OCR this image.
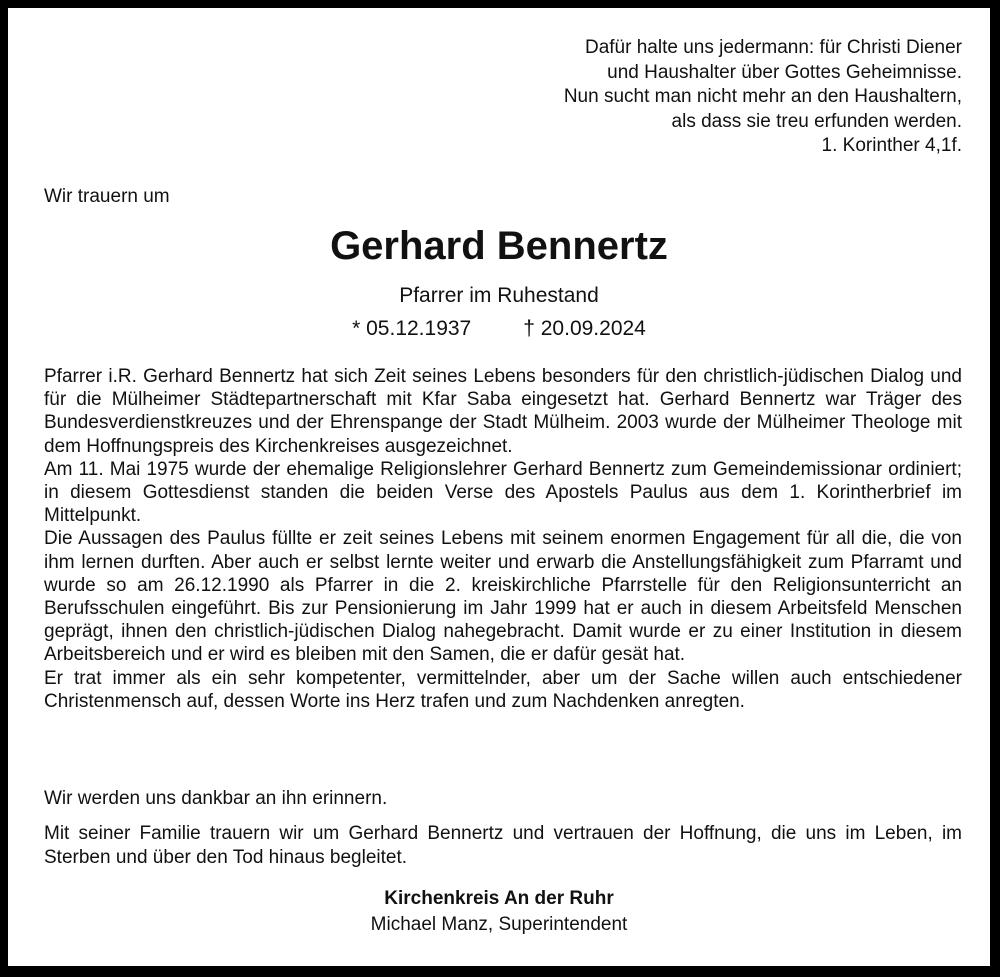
Dafür halte uns jedermann: für Christi Diener
und Haushalter über Gottes Geheimnisse.
Nun sucht man nicht mehr an den Haushaltern,
als dass sie treu erfunden werden.
1. Korinther 4,1f.
Wir trauern um
Gerhard Bennertz
Pfarrer im Ruhestand
* 05.12.1937 † 20.09.2024

Pfarrer i.R. Gerhard Bennertz hat sich Zeit seines Lebens besonders für den christlich-jüdischen Dialog und für die Mülheimer Städtepartnerschaft mit Kfar Saba eingesetzt hat. Gerhard Bennertz war Träger des Bundesverdienstkreuzes und der Ehrenspange der Stadt Mülheim. 2003 wurde der Mülheimer Theologe mit dem Hoffnungspreis des Kirchenkreises ausgezeichnet.

Am 11. Mai 1975 wurde der ehemalige Religionslehrer Gerhard Bennertz zum Gemeindemissionar ordiniert; in diesem Gottesdienst standen die beiden Verse des Apostels Paulus aus dem 1. Korintherbrief im Mittelpunkt.

Die Aussagen des Paulus füllte er zeit seines Lebens mit seinem enormen Engagement für all die, die von ihm lernen durften. Aber auch er selbst lernte weiter und erwarb die Anstellungsfähigkeit zum Pfarramt und wurde so am 26.12.1990 als Pfarrer in die 2. kreiskirchliche Pfarrstelle für den Religionsunterricht an Berufsschulen eingeführt. Bis zur Pensionierung im Jahr 1999 hat er auch in diesem Arbeitsfeld Menschen geprägt, ihnen den christlich-jüdischen Dialog nahegebracht. Damit wurde er zu einer Institution in diesem Arbeitsbereich und er wird es bleiben mit den Samen, die er dafür gesät hat.

Er trat immer als ein sehr kompetenter, vermittelnder, aber um der Sache willen auch entschiedener Christenmensch auf, dessen Worte ins Herz trafen und zum Nachdenken anregten.

Wir werden uns dankbar an ihn erinnern.
Mit seiner Familie trauern wir um Gerhard Bennertz und vertrauen der Hoffnung, die uns im Leben, im Sterben und über den Tod hinaus begleitet.
Kirchenkreis An der Ruhr
Michael Manz, Superintendent
